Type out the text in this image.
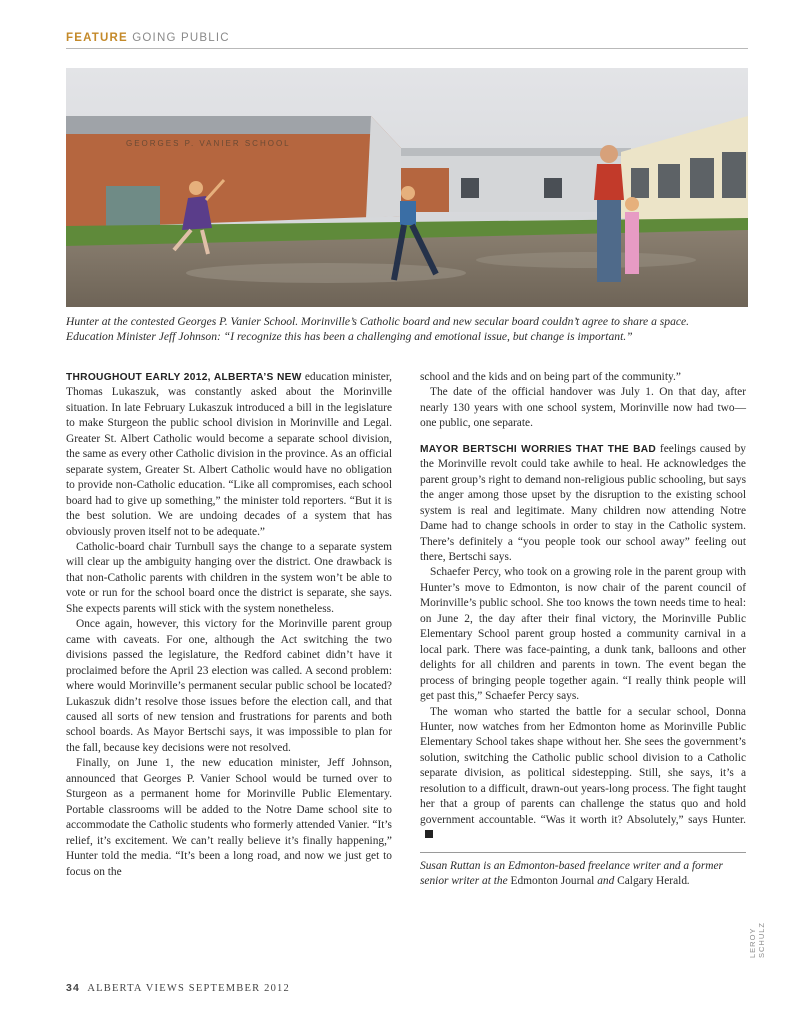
FEATURE GOING PUBLIC
GEORGES P. VANIER SCHOOL
Hunter at the contested Georges P. Vanier School. Morinville’s Catholic board and new secular board couldn’t agree to share a space.
Education Minister Jeff Johnson: “I recognize this has been a challenging and emotional issue, but change is important.”

THROUGHOUT EARLY 2012, ALBERTA’S NEW education minister, Thomas Lukaszuk, was constantly asked about the Morinville situation. In late February Lukaszuk introduced a bill in the legislature to make Sturgeon the public school division in Morinville and Legal. Greater St. Albert Catholic would become a separate school division, the same as every other Catholic division in the province. As an official separate system, Greater St. Albert Catholic would have no obligation to provide non-Catholic education. “Like all compromises, each school board had to give up something,” the minister told reporters. “But it is the best solution. We are undoing decades of a system that has obviously proven itself not to be adequate.”

Catholic-board chair Turnbull says the change to a separate system will clear up the ambiguity hanging over the district. One drawback is that non-Catholic parents with children in the system won’t be able to vote or run for the school board once the district is separate, she says. She expects parents will stick with the system nonetheless.

Once again, however, this victory for the Morinville parent group came with caveats. For one, although the Act switching the two divisions passed the legislature, the Redford cabinet didn’t have it proclaimed before the April 23 election was called. A second problem: where would Morinville’s permanent secular public school be located? Lukaszuk didn’t resolve those issues before the election call, and that caused all sorts of new tension and frustrations for parents and both school boards. As Mayor Bertschi says, it was impossible to plan for the fall, because key decisions were not resolved.

Finally, on June 1, the new education minister, Jeff Johnson, announced that Georges P. Vanier School would be turned over to Sturgeon as a permanent home for Morinville Public Elementary. Portable classrooms will be added to the Notre Dame school site to accommodate the Catholic students who formerly attended Vanier. “It’s relief, it’s excitement. We can’t really believe it’s finally happening,” Hunter told the media. “It’s been a long road, and now we just get to focus on the

school and the kids and on being part of the community.”

The date of the official handover was July 1. On that day, after nearly 130 years with one school system, Morinville now had two—one public, one separate.

MAYOR BERTSCHI WORRIES THAT THE BAD feelings caused by the Morinville revolt could take awhile to heal. He acknowledges the parent group’s right to demand non-religious public schooling, but says the anger among those upset by the disruption to the existing school system is real and legitimate. Many children now attending Notre Dame had to change schools in order to stay in the Catholic system. There’s definitely a “you people took our school away” feeling out there, Bertschi says.

Schaefer Percy, who took on a growing role in the parent group with Hunter’s move to Edmonton, is now chair of the parent council of Morinville’s public school. She too knows the town needs time to heal: on June 2, the day after their final victory, the Morinville Public Elementary School parent group hosted a community carnival in a local park. There was face-painting, a dunk tank, balloons and other delights for all children and parents in town. The event began the process of bringing people together again. “I really think people will get past this,” Schaefer Percy says.

The woman who started the battle for a secular school, Donna Hunter, now watches from her Edmonton home as Morinville Public Elementary School takes shape without her. She sees the government’s solution, switching the Catholic public school division to a Catholic separate division, as political sidestepping. Still, she says, it’s a resolution to a difficult, drawn-out years-long process. The fight taught her that a group of parents can challenge the status quo and hold government accountable. “Was it worth it? Absolutely,” says Hunter.

Susan Ruttan is an Edmonton-based freelance writer and a former senior writer at the Edmonton Journal and Calgary Herald.

LEROY SCHULZ
34 ALBERTA VIEWS SEPTEMBER 2012
